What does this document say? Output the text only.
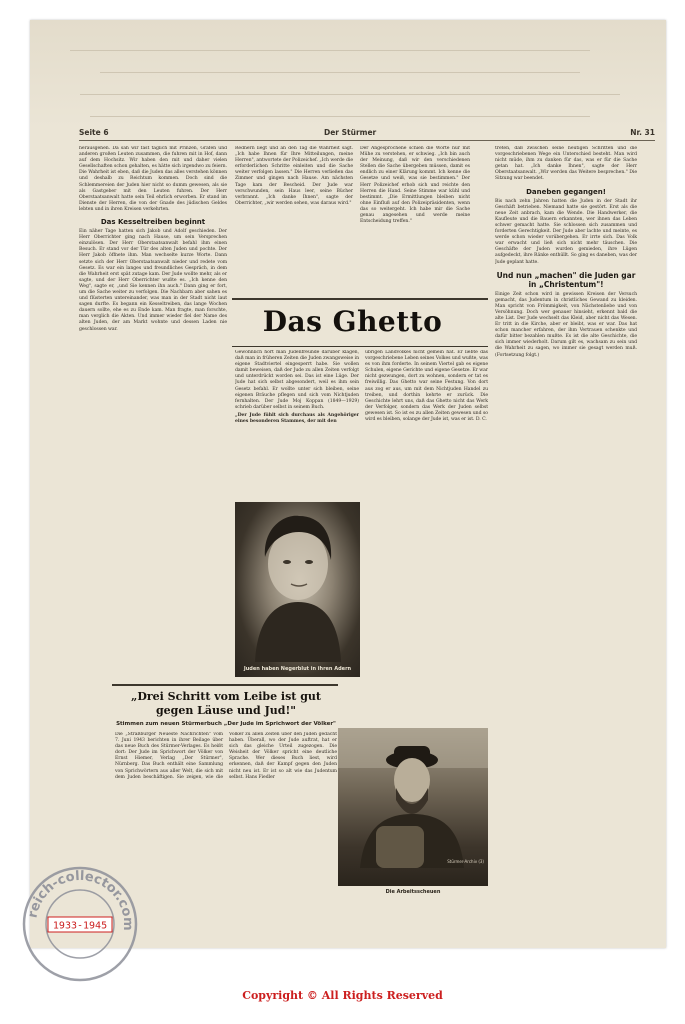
Seite 6	Der Stürmer	Nr. 31
herausgehen. Da sah wir fast täglich mit Prinzen, Grafen und anderen großen Leuten zusammen, die fuhren mit in Hof, dann auf dem Hochsitz. Wir haben den mit und daher vielen Gesellschaften schon gehalten, es hätte sich irgendwo zu feiern. Die Wahrheit ist eben, daß die Juden das alles verstehen können und deshalb zu Reichtum kommen. Doch sind die Schlemmereien der Juden hier nicht so dumm gewesen, als sie als Gastgeber mit den Leuten fuhren. Der Herr Oberstaatsanwalt hatte sein Teil ehrlich erworben. Er stand im Dienste der Herren, die von der Gnade des jüdischen Geldes lebten und in ihren Kreisen verkehrten.
Das Kesseltreiben beginnt
Ein näher Tage hatten sich Jakob und Adolf geschieden. Der Herr Oberrichter ging nach Hause, um sein Versprechen einzulösen. Der Herr Oberstaatsanwalt befahl ihm einen Besuch. Er stand vor der Tür des alten Juden und pochte. Der Herr Jakob öffnete ihm. Man wechselte kurze Worte. Dann setzte sich der Herr Oberstaatsanwalt nieder und redete vom Gesetz. Es war ein langes und freundliches Gespräch, in dem die Wahrheit erst spät zutage kam. Der Jude wollte mehr, als er sagte, und der Herr Oberrichter wußte es. „Ich kenne den Weg", sagte er, „und Sie kennen ihn auch." Dann ging er fort, um die Sache weiter zu verfolgen. Die Nachbarn aber sahen es und flüsterten untereinander, was man in der Stadt nicht laut sagen durfte. Es begann ein Kesseltreiben, das lange Wochen dauern sollte, ehe es zu Ende kam. Man fragte, man forschte, man verglich die Akten. Und immer wieder fiel der Name des alten Juden, der am Markt wohnte und dessen Laden nie geschlossen war.
Rednern liegt und an den Tag die Wahrheit sagt. „Ich habe Ihnen für Ihre Mitteilungen, meine Herren", antwortete der Polizeichef. „Ich werde die erforderlichen Schritte einleiten und die Sache weiter verfolgen lassen." Die Herren verließen das Zimmer und gingen nach Hause. Am nächsten Tage kam der Bescheid. Der Jude war verschwunden, sein Haus leer, seine Bücher verbrannt. „Ich danke Ihnen", sagte der Oberrichter, „wir werden sehen, was daraus wird."
Der Angesprochene schien die Worte nur mit Mühe zu verstehen, er schwieg. „Ich bin auch der Meinung, daß wir den verschiedenen Stellen die Sache übergeben müssen, damit es endlich zu einer Klärung kommt. Ich kenne die Gesetze und weiß, was sie bestimmen." Der Herr Polizeichef erhob sich und reichte den Herren die Hand. Seine Stimme war kühl und bestimmt. „Die Ermittlungen bleiben nicht ohne Einfluß auf den Polizeipräsidenten, wenn das so weitergeht. Ich habe mir die Sache genau angesehen und werde meine Entscheidung treffen."
treten, daß zwischen seine heutigen Schritten und die vorgeschriebenen Wege ein Unterschied besteht. Man wird nicht müde, ihm zu danken für das, was er für die Sache getan hat. „Ich danke Ihnen", sagte der Herr Oberstaatsanwalt. „Wir werden das Weitere besprechen." Die Sitzung war beendet.
Daneben gegangen!
Bis nach zehn Jahren hatten die Juden in der Stadt ihr Geschäft betrieben. Niemand hatte sie gestört. Erst als die neue Zeit anbrach, kam die Wende. Die Handwerker, die Kaufleute und die Bauern erkannten, wer ihnen das Leben schwer gemacht hatte. Sie schlossen sich zusammen und forderten Gerechtigkeit. Der Jude aber lachte und meinte, es werde schon wieder vorübergehen. Er irrte sich. Das Volk war erwacht und ließ sich nicht mehr täuschen. Die Geschäfte der Juden wurden gemieden, ihre Lügen aufgedeckt, ihre Ränke enthüllt. So ging es daneben, was der Jude geplant hatte.
Und nun „machen" die Juden gar in „Christentum"!
Einige Zeit schon wird in gewissen Kreisen der Versuch gemacht, das Judentum in christliches Gewand zu kleiden. Man spricht von Frömmigkeit, von Nächstenliebe und von Versöhnung. Doch wer genauer hinsieht, erkennt bald die alte List. Der Jude wechselt das Kleid, aber nicht das Wesen. Er tritt in die Kirche, aber er bleibt, was er war. Das hat schon mancher erfahren, der ihm Vertrauen schenkte und dafür bitter bezahlen mußte. Es ist die alte Geschichte, die sich immer wiederholt. Darum gilt es, wachsam zu sein und die Wahrheit zu sagen, wo immer sie gesagt werden muß. (Fortsetzung folgt.)
Das Ghetto
Gewöhnlich hört man Judenfreunde darüber klagen, daß man in früheren Zeiten die Juden zwangsweise in eigene Stadtviertel eingesperrt habe. Sie wollen damit beweisen, daß der Jude zu allen Zeiten verfolgt und unterdrückt worden sei. Das ist eine Lüge. Der Jude hat sich selbst abgesondert, weil es ihm sein Gesetz befahl. Er wollte unter sich bleiben, seine eigenen Bräuche pflegen und sich vom Nichtjuden fernhalten. Der Jude Moj Koppan (1849—1929) schrieb darüber selbst in seinem Buch.
„Der Jude fühlt sich durchaus als Angehöriger eines besonderen Stammes, der mit den
übrigen Landvolkes nicht gemein hat. Er liebte das vorgeschriebene Leben seines Volkes und wußte, was es von ihm forderte. In seinem Viertel gab es eigene Schulen, eigene Gerichte und eigene Gesetze. Er war nicht gezwungen, dort zu wohnen, sondern er tat es freiwillig. Das Ghetto war seine Festung. Von dort aus zog er aus, um mit dem Nichtjuden Handel zu treiben, und dorthin kehrte er zurück. Die Geschichte lehrt uns, daß das Ghetto nicht das Werk der Verfolger, sondern das Werk der Juden selbst gewesen ist. So ist es zu allen Zeiten gewesen und so wird es bleiben, solange der Jude ist, was er ist. D. C.
Juden haben Negerblut in ihren Adern
„Drei Schritt vom Leibe ist gut gegen Läuse und Jud!"
Stimmen zum neuen Stürmerbuch „Der Jude im Sprichwort der Völker"
Die „Straßburger Neueste Nachrichten" vom 7. Juni 1943 berichten in ihrer Beilage über das neue Buch des Stürmer-Verlages. Es heißt dort: Der Jude im Sprichwort der Völker von Ernst Hiemer, Verlag „Der Stürmer", Nürnberg. Das Buch enthält eine Sammlung von Sprichwörtern aus aller Welt, die sich mit dem Juden beschäftigen. Sie zeigen, wie die Völker zu allen Zeiten über den Juden gedacht haben. Überall, wo der Jude auftrat, hat er sich das gleiche Urteil zugezogen. Die Weisheit der Völker spricht eine deutliche Sprache. Wer dieses Buch liest, wird erkennen, daß der Kampf gegen den Juden nicht neu ist. Er ist so alt wie das Judentum selbst. Hans Fiedler
Stürmer-Archiv (3)
Die Arbeitsscheuen
reich-collector.com
1933-1945
Copyright © All Rights Reserved
